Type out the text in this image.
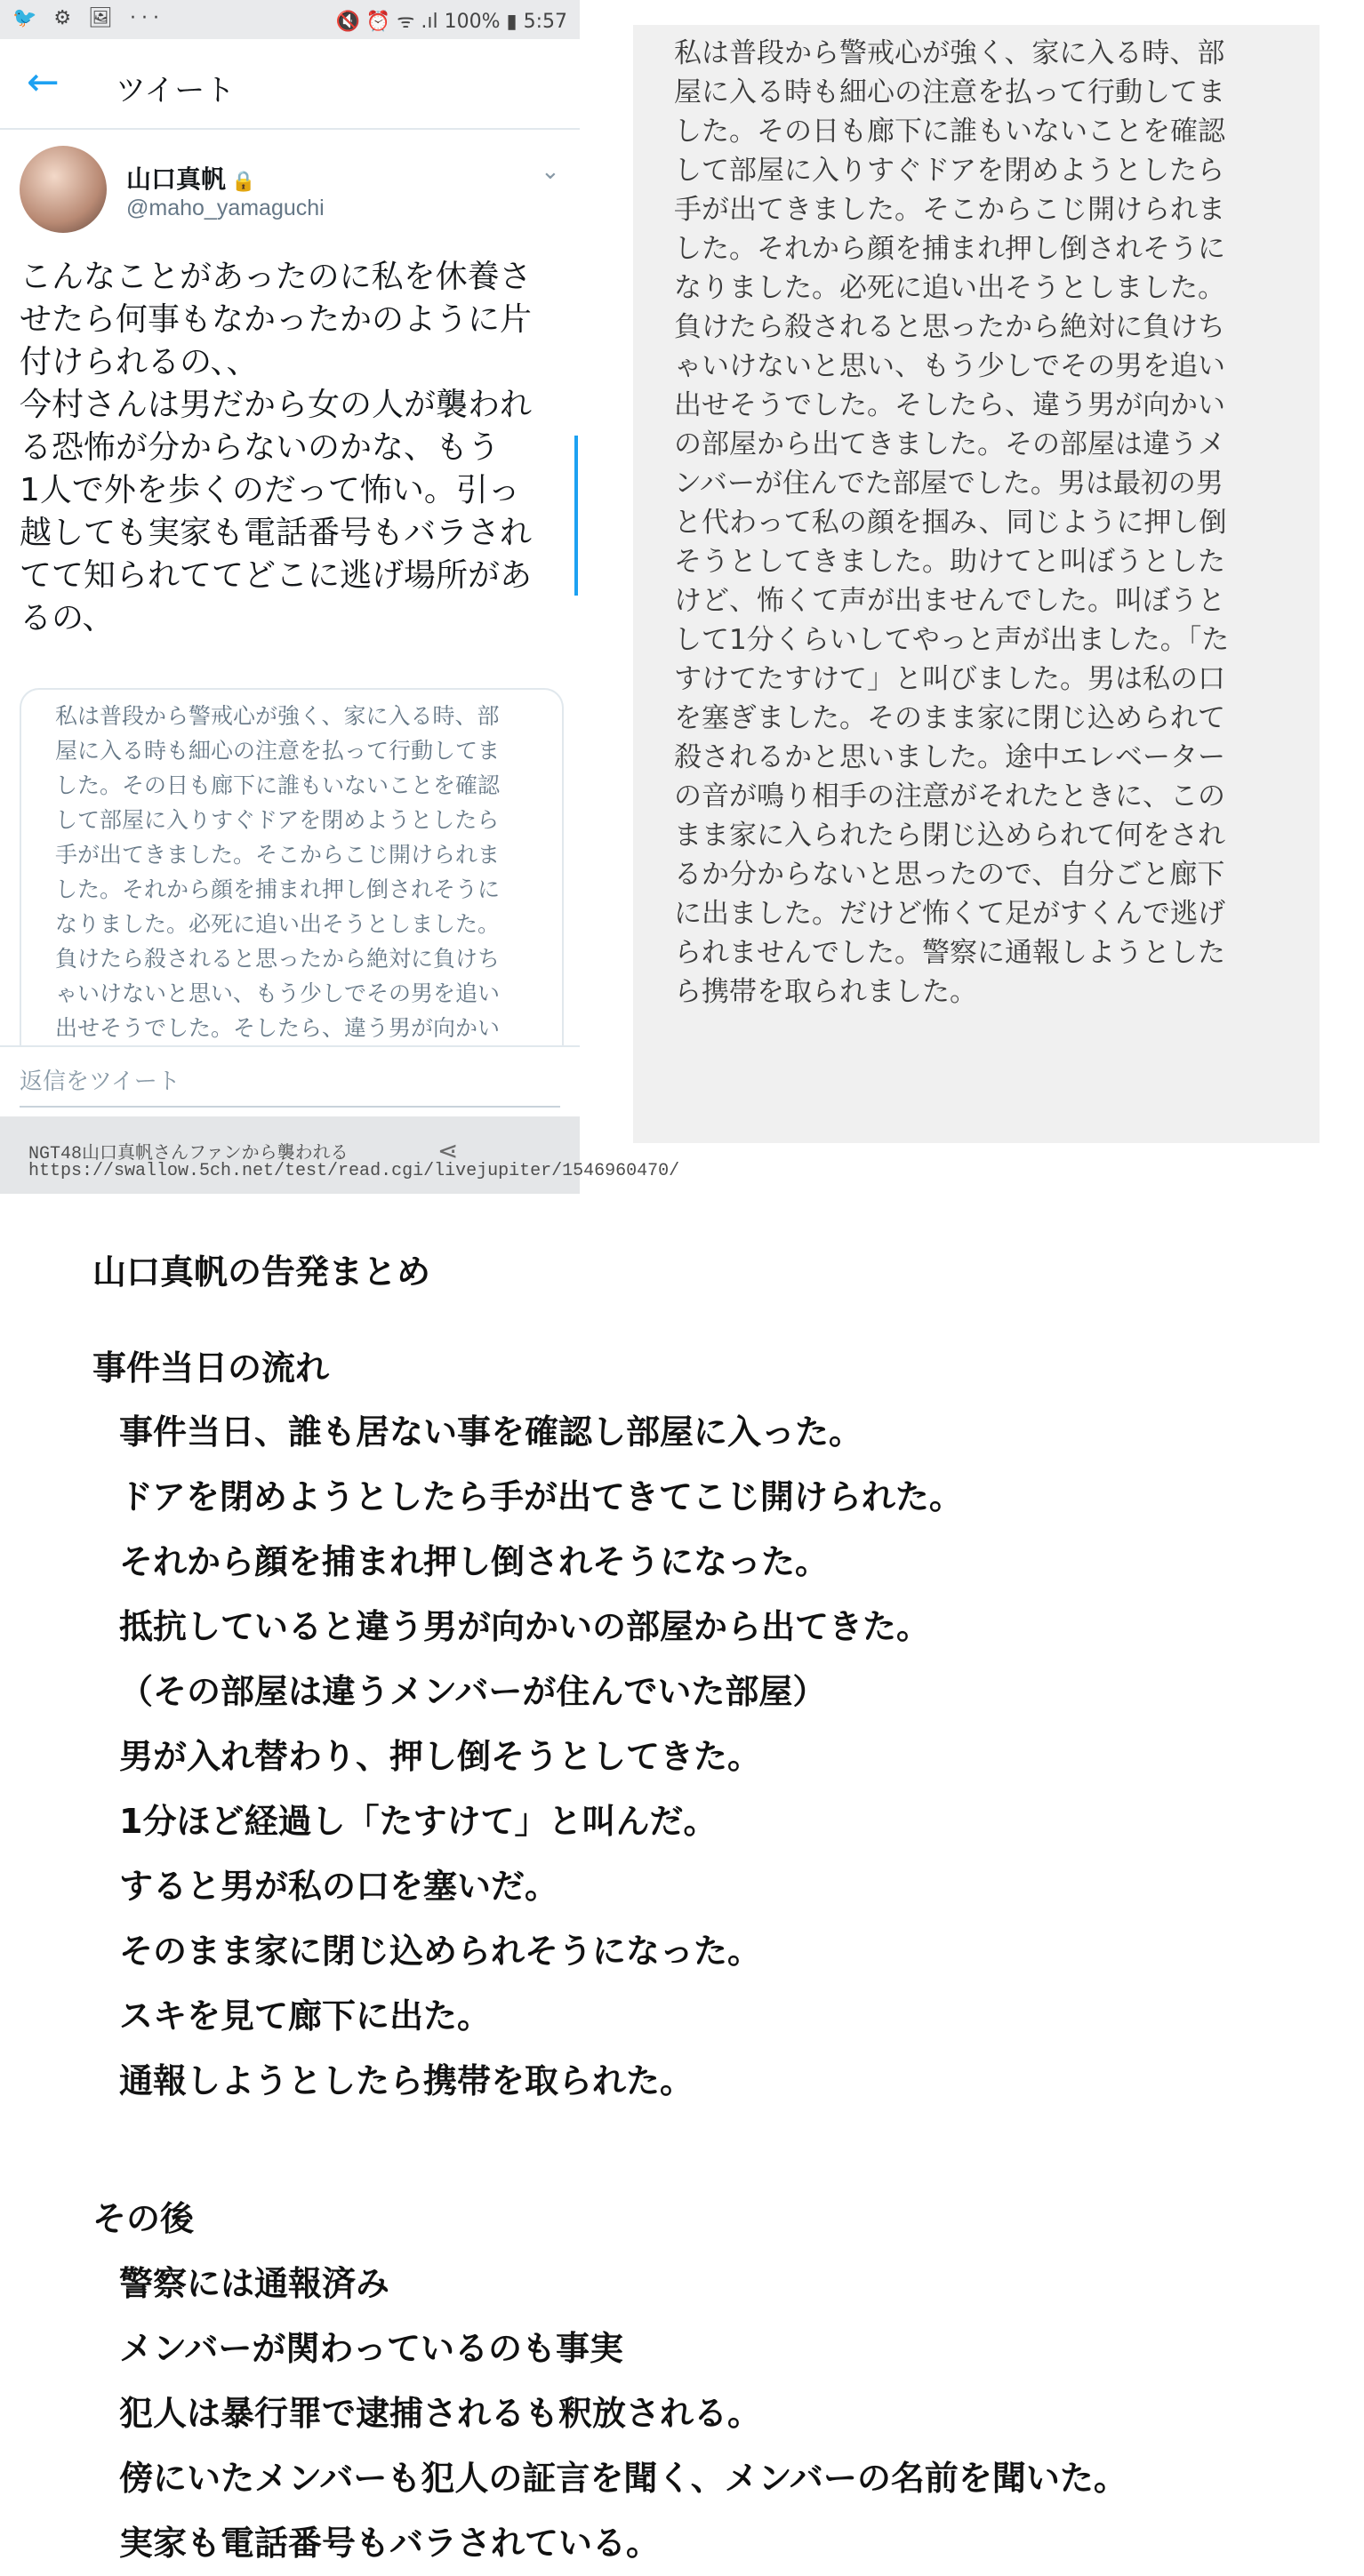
🐦 ⚙ 🖼 ···	🔇 ⏰ ᯤ .ıl 100% ▮ 5:57
← ツイート
山口真帆 🔒
@maho_yamaguchi
⌄

こんなことがあったのに私を休養さ

せたら何事もなかったかのように片

付けられるの、、

今村さんは男だから女の人が襲われ

る恐怖が分からないのかな、もう

1人で外を歩くのだって怖い。引っ

越しても実家も電話番号もバラされ

てて知られててどこに逃げ場所があ

るの、

私は普段から警戒心が強く、家に入る時、部

屋に入る時も細心の注意を払って行動してま

した。その日も廊下に誰もいないことを確認

して部屋に入りすぐドアを閉めようとしたら

手が出てきました。そこからこじ開けられま

した。それから顔を捕まれ押し倒されそうに

なりました。必死に追い出そうとしました。

負けたら殺されると思ったから絶対に負けち

ゃいけないと思い、もう少しでその男を追い

出せそうでした。そしたら、違う男が向かい

返信をツイート
NGT48山口真帆さんファンから襲われる
https://swallow.5ch.net/test/read.cgi/livejupiter/1546960470/
⋖

私は普段から警戒心が強く、家に入る時、部

屋に入る時も細心の注意を払って行動してま

した。その日も廊下に誰もいないことを確認

して部屋に入りすぐドアを閉めようとしたら

手が出てきました。そこからこじ開けられま

した。それから顔を捕まれ押し倒されそうに

なりました。必死に追い出そうとしました。

負けたら殺されると思ったから絶対に負けち

ゃいけないと思い、もう少しでその男を追い

出せそうでした。そしたら、違う男が向かい

の部屋から出てきました。その部屋は違うメ

ンバーが住んでた部屋でした。男は最初の男

と代わって私の顔を掴み、同じように押し倒

そうとしてきました。助けてと叫ぼうとした

けど、怖くて声が出ませんでした。叫ぼうと

して1分くらいしてやっと声が出ました。「た

すけてたすけて」と叫びました。男は私の口

を塞ぎました。そのまま家に閉じ込められて

殺されるかと思いました。途中エレベーター

の音が鳴り相手の注意がそれたときに、この

まま家に入られたら閉じ込められて何をされ

るか分からないと思ったので、自分ごと廊下

に出ました。だけど怖くて足がすくんで逃げ

られませんでした。警察に通報しようとした

ら携帯を取られました。

山口真帆の告発まとめ
事件当日の流れ
事件当日、誰も居ない事を確認し部屋に入った。
ドアを閉めようとしたら手が出てきてこじ開けられた。
それから顔を捕まれ押し倒されそうになった。
抵抗していると違う男が向かいの部屋から出てきた。
（その部屋は違うメンバーが住んでいた部屋）
男が入れ替わり、押し倒そうとしてきた。
1分ほど経過し「たすけて」と叫んだ。
すると男が私の口を塞いだ。
そのまま家に閉じ込められそうになった。
スキを見て廊下に出た。
通報しようとしたら携帯を取られた。
その後
警察には通報済み
メンバーが関わっているのも事実
犯人は暴行罪で逮捕されるも釈放される。
傍にいたメンバーも犯人の証言を聞く、メンバーの名前を聞いた。
実家も電話番号もバラされている。
